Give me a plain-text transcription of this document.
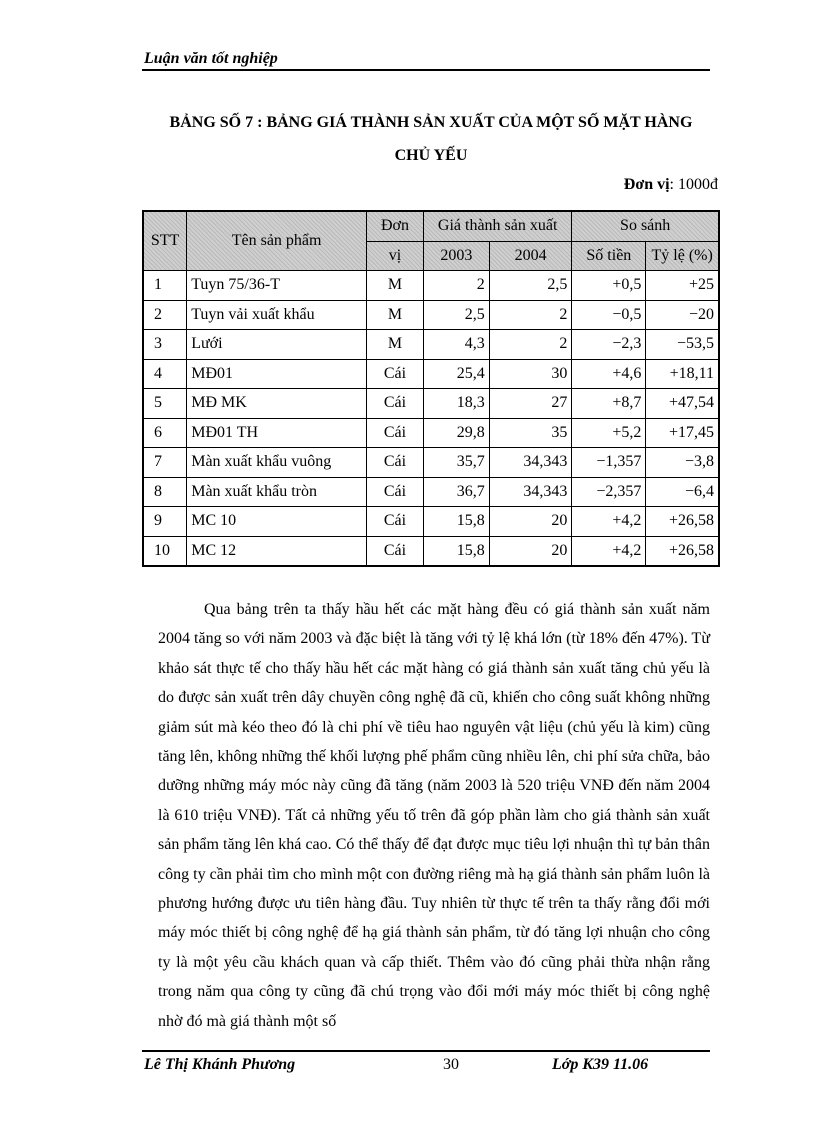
Luận văn tốt nghiệp
BẢNG SỐ 7 : BẢNG GIÁ THÀNH SẢN XUẤT CỦA MỘT SỐ MẶT HÀNG
CHỦ YẾU
Đơn vị: 1000đ
STT	Tên sản phẩm	Đơn	Giá thành sản xuất		So sánh	
		vị	2003	2004	Số tiền	Tỷ lệ (%)
1	Tuyn 75/36-T	M	2	2,5	+0,5	+25
2	Tuyn vải xuất khẩu	M	2,5	2	−0,5	−20
3	Lưới	M	4,3	2	−2,3	−53,5
4	MĐ01	Cái	25,4	30	+4,6	+18,11
5	MĐ MK	Cái	18,3	27	+8,7	+47,54
6	MĐ01 TH	Cái	29,8	35	+5,2	+17,45
7	Màn xuất khẩu vuông	Cái	35,7	34,343	−1,357	−3,8
8	Màn xuất khẩu tròn	Cái	36,7	34,343	−2,357	−6,4
9	MC 10	Cái	15,8	20	+4,2	+26,58
10	MC 12	Cái	15,8	20	+4,2	+26,58

Qua bảng trên ta thấy hầu hết các mặt hàng đều có giá thành sản xuất năm 2004 tăng so với năm 2003 và đặc biệt là tăng với tỷ lệ khá lớn (từ 18% đến 47%). Từ khảo sát thực tế cho thấy hầu hết các mặt hàng có giá thành sản xuất tăng chủ yếu là do được sản xuất trên dây chuyền công nghệ đã cũ, khiến cho công suất không những giảm sút mà kéo theo đó là chi phí về tiêu hao nguyên vật liệu (chủ yếu là kim) cũng tăng lên, không những thế khối lượng phế phẩm cũng nhiều lên, chi phí sửa chữa, bảo dưỡng những máy móc này cũng đã tăng (năm 2003 là 520 triệu VNĐ đến năm 2004 là 610 triệu VNĐ). Tất cả những yếu tố trên đã góp phần làm cho giá thành sản xuất sản phẩm tăng lên khá cao. Có thể thấy để đạt được mục tiêu lợi nhuận thì tự bản thân công ty cần phải tìm cho mình một con đường riêng mà hạ giá thành sản phẩm luôn là phương hướng được ưu tiên hàng đầu. Tuy nhiên từ thực tế trên ta thấy rằng đổi mới máy móc thiết bị công nghệ để hạ giá thành sản phẩm, từ đó tăng lợi nhuận cho công ty là một yêu cầu khách quan và cấp thiết. Thêm vào đó cũng phải thừa nhận rằng trong năm qua công ty cũng đã chú trọng vào đổi mới máy móc thiết bị công nghệ nhờ đó mà giá thành một số

Lê Thị Khánh Phương	30	Lớp K39 11.06
